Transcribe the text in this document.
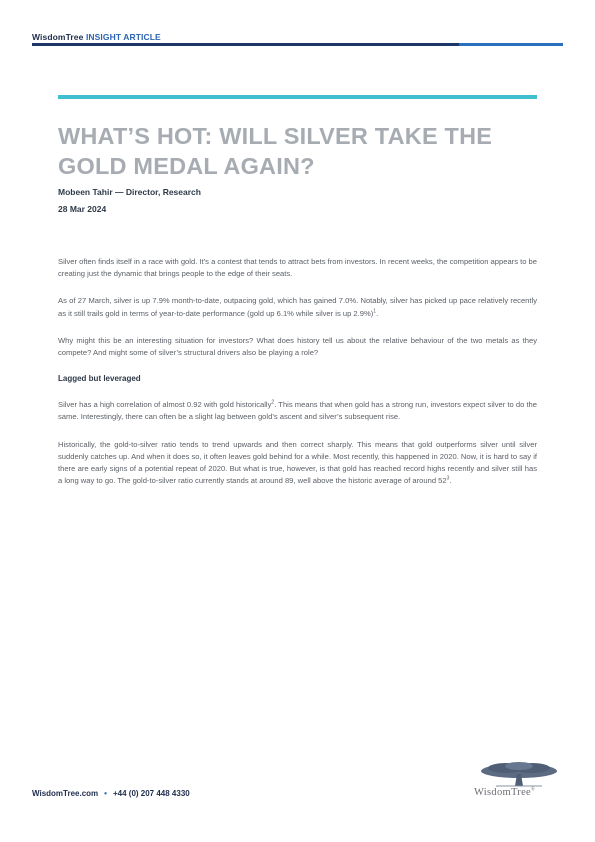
WisdomTree INSIGHT ARTICLE
WHAT’S HOT: WILL SILVER TAKE THE GOLD MEDAL AGAIN?
Mobeen Tahir — Director, Research
28 Mar 2024

Silver often finds itself in a race with gold. It’s a contest that tends to attract bets from investors. In recent weeks, the competition appears to be creating just the dynamic that brings people to the edge of their seats.

As of 27 March, silver is up 7.9% month-to-date, outpacing gold, which has gained 7.0%. Notably, silver has picked up pace relatively recently as it still trails gold in terms of year-to-date performance (gold up 6.1% while silver is up 2.9%)$^1$.

Why might this be an interesting situation for investors? What does history tell us about the relative behaviour of the two metals as they compete? And might some of silver’s structural drivers also be playing a role?

Lagged but leveraged

Silver has a high correlation of almost 0.92 with gold historically$^2$. This means that when gold has a strong run, investors expect silver to do the same. Interestingly, there can often be a slight lag between gold’s ascent and silver’s subsequent rise.

Historically, the gold-to-silver ratio tends to trend upwards and then correct sharply. This means that gold outperforms silver until silver suddenly catches up. And when it does so, it often leaves gold behind for a while. Most recently, this happened in 2020. Now, it is hard to say if there are early signs of a potential repeat of 2020. But what is true, however, is that gold has reached record highs recently and silver still has a long way to go. The gold-to-silver ratio currently stands at around 89, well above the historic average of around $52^3$.

WisdomTree.com • +44 (0) 207 448 4330	WisdomTree®
